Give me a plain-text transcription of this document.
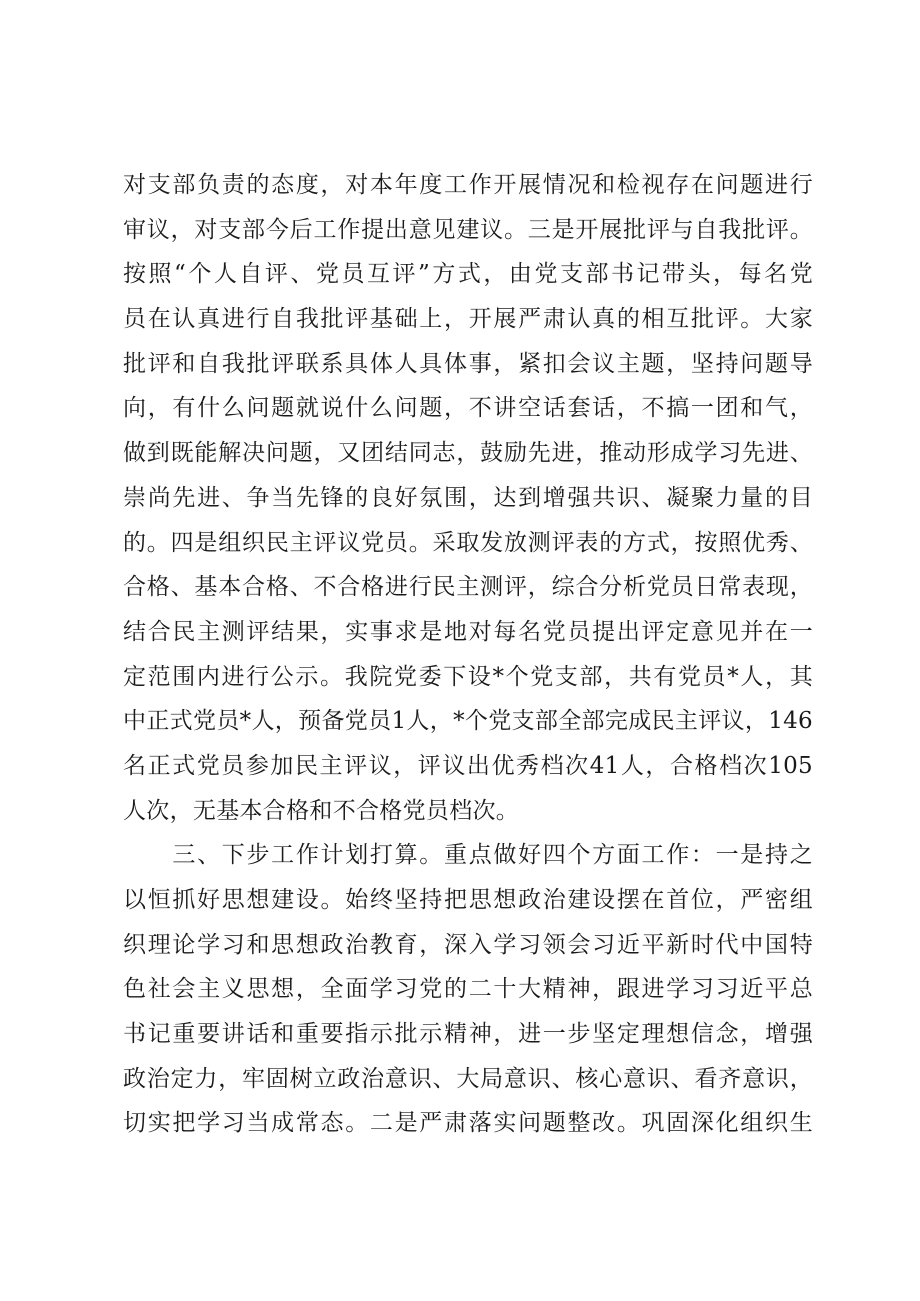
对支部负责的态度，对本年度工作开展情况和检视存在问题进行
审议，对支部今后工作提出意见建议。三是开展批评与自我批评。
按照“个人自评、党员互评”方式，由党支部书记带头，每名党
员在认真进行自我批评基础上，开展严肃认真的相互批评。大家
批评和自我批评联系具体人具体事，紧扣会议主题，坚持问题导
向，有什么问题就说什么问题，不讲空话套话，不搞一团和气，
做到既能解决问题，又团结同志，鼓励先进，推动形成学习先进、
崇尚先进、争当先锋的良好氛围，达到增强共识、凝聚力量的目
的。四是组织民主评议党员。采取发放测评表的方式，按照优秀、
合格、基本合格、不合格进行民主测评，综合分析党员日常表现，
结合民主测评结果，实事求是地对每名党员提出评定意见并在一
定范围内进行公示。我院党委下设*个党支部，共有党员*人，其
中正式党员*人，预备党员1人，*个党支部全部完成民主评议，146
名正式党员参加民主评议，评议出优秀档次41人，合格档次105
人次，无基本合格和不合格党员档次。
　　三、下步工作计划打算。重点做好四个方面工作：一是持之
以恒抓好思想建设。始终坚持把思想政治建设摆在首位，严密组
织理论学习和思想政治教育，深入学习领会习近平新时代中国特
色社会主义思想，全面学习党的二十大精神，跟进学习习近平总
书记重要讲话和重要指示批示精神，进一步坚定理想信念，增强
政治定力，牢固树立政治意识、大局意识、核心意识、看齐意识，
切实把学习当成常态。二是严肃落实问题整改。巩固深化组织生
